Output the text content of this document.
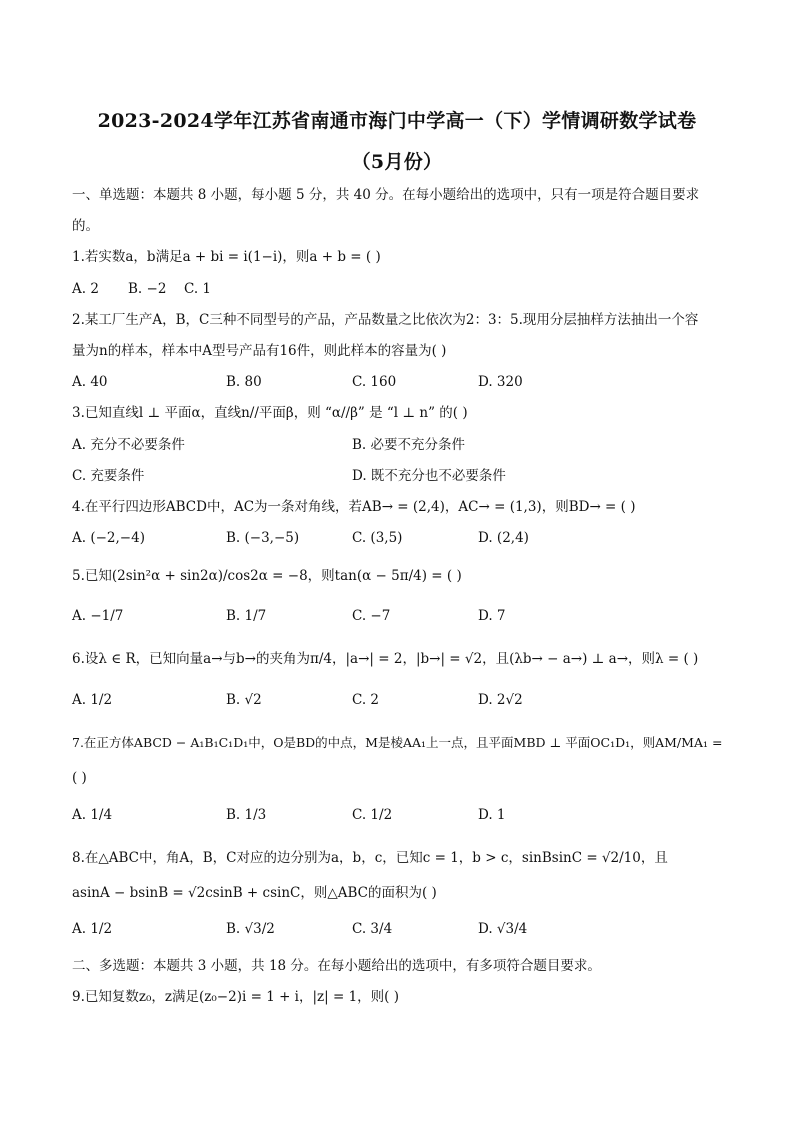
2023-2024学年江苏省南通市海门中学高一（下）学情调研数学试卷
（5月份）
一、单选题：本题共 8 小题，每小题 5 分，共 40 分。在每小题给出的选项中，只有一项是符合题目要求
的。
1.若实数a，b满足a + bi = i(1−i)，则a + b = ( )
A. 2 B. −2 C. 1
2.某工厂生产A，B，C三种不同型号的产品，产品数量之比依次为2：3：5.现用分层抽样方法抽出一个容
量为n的样本，样本中A型号产品有16件，则此样本的容量为( )
A. 40	B. 80	C. 160	D. 320
3.已知直线l ⊥ 平面α，直线n//平面β，则 “α//β” 是 “l ⊥ n” 的( )
A. 充分不必要条件	B. 必要不充分条件
C. 充要条件	D. 既不充分也不必要条件
4.在平行四边形ABCD中，AC为一条对角线，若AB→ = (2,4)，AC→ = (1,3)，则BD→ = ( )
A. (−2,−4)	B. (−3,−5)	C. (3,5)	D. (2,4)
5.已知(2sin²α + sin2α)/cos2α = −8，则tan(α − 5π/4) = ( )
A. −1/7	B. 1/7	C. −7	D. 7
6.设λ ∈ R，已知向量a→与b→的夹角为π/4，|a→| = 2，|b→| = √2，且(λb→ − a→) ⊥ a→，则λ = ( )
A. 1/2	B. √2	C. 2	D. 2√2
7.在正方体ABCD − A₁B₁C₁D₁中，O是BD的中点，M是棱AA₁上一点，且平面MBD ⊥ 平面OC₁D₁，则AM/MA₁ =
( )
A. 1/4	B. 1/3	C. 1/2	D. 1
8.在△ABC中，角A，B，C对应的边分别为a，b，c，已知c = 1，b > c，sinBsinC = √2/10，且
asinA − bsinB = √2csinB + csinC，则△ABC的面积为( )
A. 1/2	B. √3/2	C. 3/4	D. √3/4
二、多选题：本题共 3 小题，共 18 分。在每小题给出的选项中，有多项符合题目要求。
9.已知复数z₀，z满足(z₀−2)i = 1 + i，|z| = 1，则( )
